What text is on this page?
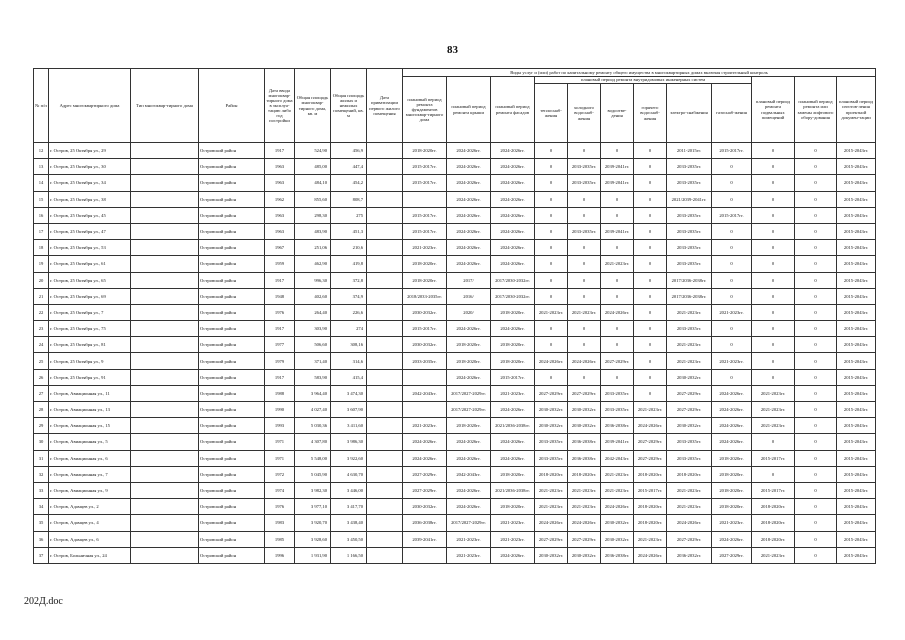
83
№ п/п	Адрес многоквартирного дома	Тип многоквар-тирного дома	Район	Дата ввода многоквар-тирного дома в эксплуа-тацию либо год постройки	Общая площадь многоквар-тирного дома, кв. м	Общая площадь жилых и нежилых помещений, кв. м	Дата приватизации первого жилого помещения	Виды услуг и (или) работ по капитальному ремонту общего имущества в многоквартирных домах включая строительный контроль											
								плановый период ремонта фундаментов многоквар-тирного дома	плановый период ремонта крыши	плановый период ремонта фасадов	плановый период ремонта внутридомовых инженерных систем						плановый период ремонта подвальных помещений	плановый период ремонта или замены лифтового обору-дования	плановый период изготов-ления проектной докумен-тации
											теплоснаб-жения	холодного водоснаб-жения	водоотве-дения	горячего водоснаб-жения	электро-снабжения	газоснаб-жения			
12	г. Остров, 25 Октября ул., 29		Островский район	1917	524,90	456,9		2018-2020гг.	2024-2026гг.	2024-2026гг.	0	0	0	0	2011-2015гг.	2015-2017гг.	0	0	2015-2043гг.
13	г. Остров, 25 Октября ул., 30		Островский район	1963	485,00	447,4		2015-2017гг.	2024-2026гг.	2024-2026гг.	0	2033-2035гг.	2039-2041гг.	0	2033-2035гг.	0	0	0	2015-2043гг.
14	г. Остров, 25 Октября ул., 34		Островский район	1963	484,10	454,2		2015-2017гг.	2024-2026гг.	2024-2026гг.	0	2033-2035гг.	2039-2041гг.	0	2033-2035гг.	0	0	0	2015-2043гг.
15	г. Остров, 25 Октября ул., 38		Островский район	1962	855,60	808,7			2024-2026гг.	2024-2026гг.	0	0	0	0	2021/2039-2041гг.	0	0	0	2015-2043гг.
16	г. Остров, 25 Октября ул., 45		Островский район	1963	298,30	275		2015-2017гг.	2024-2026гг.	2024-2026гг.	0	0	0	0	2033-2035гг.	2015-2017гг.	0	0	2015-2043гг.
17	г. Остров, 25 Октября ул., 47		Островский район	1963	483,90	451,3		2015-2017гг.	2024-2026гг.	2024-2026гг.	0	2033-2035гг.	2039-2041гг.	0	2033-2035гг.	0	0	0	2015-2043гг.
18	г. Остров, 25 Октября ул., 53		Островский район	1967	251,06	210,6		2021-2023гг.	2024-2026гг.	2024-2026гг.	0	0	0	0	2033-2035гг.	0	0	0	2015-2043гг.
19	г. Остров, 25 Октября ул., 61		Островский район	1959	462,90	419,8		2018-2020гг.	2024-2026гг.	2024-2026гг.	0	0	2021-2023гг.	0	2033-2035гг.	0	0	0	2015-2043гг.
20	г. Остров, 25 Октября ул., 65		Островский район	1917	996,30	372,8		2018-2020гг.	2017/	2017/2030-2032гг.	0	0	0	0	2017/2036-2038гг.	0	0	0	2015-2043гг.
21	г. Остров, 25 Октября ул., 69		Островский район	1948	402,60	374,9		2018/2033-2035гг.	2016/	2017/2030-2032гг.	0	0	0	0	2017/2036-2038гг.	0	0	0	2015-2043гг.
22	г. Остров, 25 Октября ул., 7		Островский район	1976	264,40	226,6		2030-2032гг.	2020/	2018-2020гг.	2021-2023гг.	2021-2023гг.	2024-2026гг.	0	2021-2023гг.	2021-2023гг.	0	0	2015-2043гг.
23	г. Остров, 25 Октября ул., 75		Островский район	1917	303,90	274		2015-2017гг.	2024-2026гг.	2024-2026гг.	0	0	0	0	2033-2035гг.	0	0	0	2015-2043гг.
24	г. Остров, 25 Октября ул., 81		Островский район	1977	506,60	308,16		2030-2032гг.	2018-2020гг.	2018-2020гг.	0	0	0	0	2021-2023гг.	0	0	0	2015-2043гг.
25	г. Остров, 25 Октября ул., 9		Островский район	1979	371,40	314,6		2033-2035гг.	2018-2020гг.	2018-2020гг.	2024-2026гг.	2024-2026гг.	2027-2029гг.	0	2021-2023гг.	2021-2023гг.	0	0	2015-2043гг.
26	г. Остров, 25 Октября ул., 91		Островский район	1917	583,90	415,4			2024-2026гг.	2015-2017гг.	0	0	0	0	2030-2032гг.	0	0	0	2015-2043гг.
27	г. Остров, Авиационная ул., 11		Островский район	1988	3 964,40	3 474,30		2042-2043гг.	2017/2027-2029гг.	2021-2023гг.	2027-2029гг.	2027-2029гг.	2033-2035гг.	0	2027-2029гг.	2024-2026гг.	2021-2023гг.	0	2015-2043гг.
28	г. Остров, Авиационная ул., 13		Островский район	1990	4 027,40	3 607,90			2017/2027-2029гг.	2024-2026гг.	2030-2032гг.	2030-2032гг.	2033-2035гг.	2021-2023гг.	2027-2029гг.	2024-2026гг.	2021-2023гг.	0	2015-2043гг.
29	г. Остров, Авиационная ул., 15		Островский район	1993	5 030,36	3 411,60		2021-2023гг.	2018-2020гг.	2021/2036-2038гг.	2030-2032гг.	2030-2032гг.	2036-2038гг.	2024-2026гг.	2030-2032гг.	2024-2026гг.	2021-2023гг.	0	2015-2043гг.
30	г. Остров, Авиационная ул., 5		Островский район	1971	4 307,80	3 986,30		2024-2026гг.	2024-2026гг.	2024-2026гг.	2033-2035гг.	2036-2038гг.	2039-2041гг.	2027-2029гг.	2033-2035гг.	2024-2026гг.	0	0	2015-2043гг.
31	г. Остров, Авиационная ул., 6		Островский район	1971	5 548,00	3 922,60		2024-2026гг.	2024-2026гг.	2024-2026гг.	2033-2035гг.	2036-2038гг.	2042-2043гг.	2027-2029гг.	2033-2035гг.	2018-2020гг.	2015-2017гг.	0	2015-2043гг.
32	г. Остров, Авиационная ул., 7		Островский район	1972	5 045,90	4 630,70		2027-2029гг.	2042-2043гг.	2018-2020гг.	2018-2020гг.	2018-2020гг.	2021-2023гг.	2018-2020гг.	2018-2020гг.	2018-2020гг.	0	0	2015-2043гг.
33	г. Остров, Авиационная ул., 9		Островский район	1974	3 982,30	3 446,00		2027-2029гг.	2024-2026гг.	2021/2036-2038гг.	2021-2023гг.	2021-2023гг.	2021-2023гг.	2015-2017гг.	2021-2023гг.	2018-2020гг.	2015-2017гг.	0	2015-2043гг.
34	г. Остров, Адамцев ул., 2		Островский район	1976	3 977,10	3 417,70		2030-2032гг.	2024-2026гг.	2018-2020гг.	2021-2023гг.	2021-2023гг.	2024-2026гг.	2018-2020гг.	2021-2023гг.	2018-2020гг.	2018-2020гг.	0	2015-2043гг.
35	г. Остров, Адамцев ул., 4		Островский район	1983	3 920,70	3 438,40		2036-2038гг.	2017/2027-2029гг.	2021-2023гг.	2024-2026гг.	2024-2026гг.	2030-2032гг.	2018-2020гг.	2024-2026гг.	2021-2023гг.	2018-2020гг.	0	2015-2043гг.
36	г. Остров, Адамцев ул., 6		Островский район	1985	3 928,60	3 450,50		2039-2041гг.	2021-2023гг.	2021-2023гг.	2027-2029гг.	2027-2029гг.	2030-2032гг.	2021-2023гг.	2027-2029гг.	2024-2026гг.	2018-2020гг.	0	2015-2043гг.
37	г. Остров, Больничная ул., 24		Островский район	1996	1 931,90	1 166,50			2021-2023гг.	2024-2026гг.	2030-2032гг.	2030-2032гг.	2036-2038гг.	2024-2026гг.	2036-2032гг.	2027-2029гг.	2021-2023гг.	0	2015-2043гг.
202Д.doc
